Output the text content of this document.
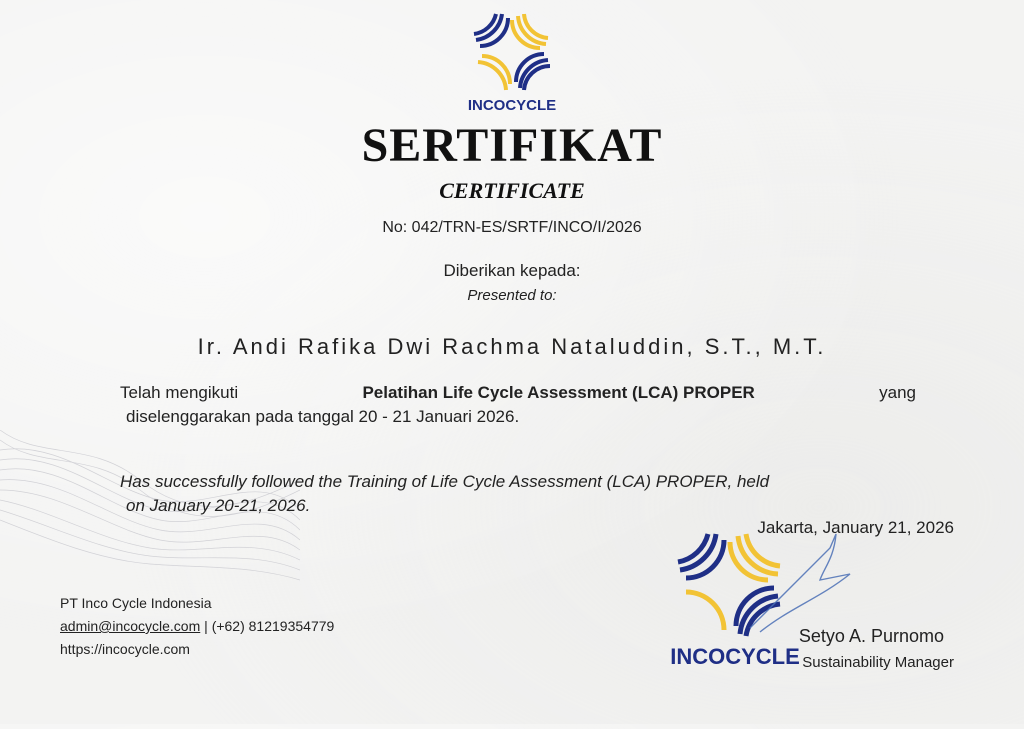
INCOCYCLE
SERTIFIKAT
CERTIFICATE
No: 042/TRN-ES/SRTF/INCO/I/2026
Diberikan kepada:
Presented to:
Ir. Andi Rafika Dwi Rachma Nataluddin, S.T., M.T.
Telah mengikuti	Pelatihan Life Cycle Assessment (LCA) PROPER	yang
diselenggarakan pada tanggal 20 - 21 Januari 2026.
Has successfully followed the Training of Life Cycle Assessment (LCA) PROPER, held
on January 20-21, 2026.
INCOCYCLE
Jakarta, January 21, 2026
PT Inco Cycle Indonesia
admin@incocycle.com | (+62) 81219354779
https://incocycle.com
Setyo A. Purnomo
Sustainability Manager
